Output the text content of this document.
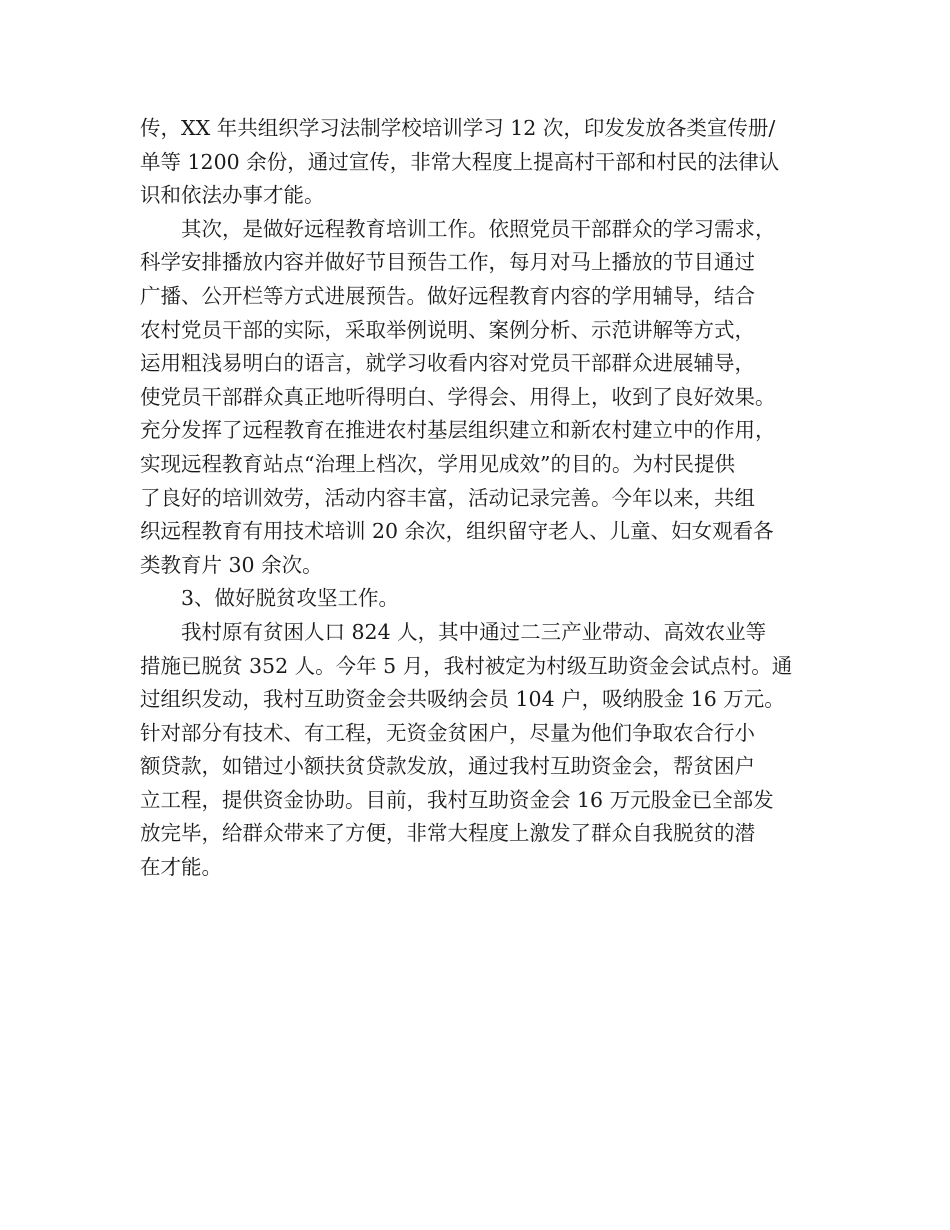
传，XX 年共组织学习法制学校培训学习 12 次，印发发放各类宣传册/
单等 1200 余份，通过宣传，非常大程度上提高村干部和村民的法律认
识和依法办事才能。
其次，是做好远程教育培训工作。依照党员干部群众的学习需求，
科学安排播放内容并做好节目预告工作，每月对马上播放的节目通过
广播、公开栏等方式进展预告。做好远程教育内容的学用辅导，结合
农村党员干部的实际，采取举例说明、案例分析、示范讲解等方式，
运用粗浅易明白的语言，就学习收看内容对党员干部群众进展辅导，
使党员干部群众真正地听得明白、学得会、用得上，收到了良好效果。
充分发挥了远程教育在推进农村基层组织建立和新农村建立中的作用，
实现远程教育站点“治理上档次，学用见成效”的目的。为村民提供
了良好的培训效劳，活动内容丰富，活动记录完善。今年以来，共组
织远程教育有用技术培训 20 余次，组织留守老人、儿童、妇女观看各
类教育片 30 余次。
3、做好脱贫攻坚工作。
我村原有贫困人口 824 人，其中通过二三产业带动、高效农业等
措施已脱贫 352 人。今年 5 月，我村被定为村级互助资金会试点村。通
过组织发动，我村互助资金会共吸纳会员 104 户，吸纳股金 16 万元。
针对部分有技术、有工程，无资金贫困户，尽量为他们争取农合行小
额贷款，如错过小额扶贫贷款发放，通过我村互助资金会，帮贫困户
立工程，提供资金协助。目前，我村互助资金会 16 万元股金已全部发
放完毕，给群众带来了方便，非常大程度上激发了群众自我脱贫的潜
在才能。
